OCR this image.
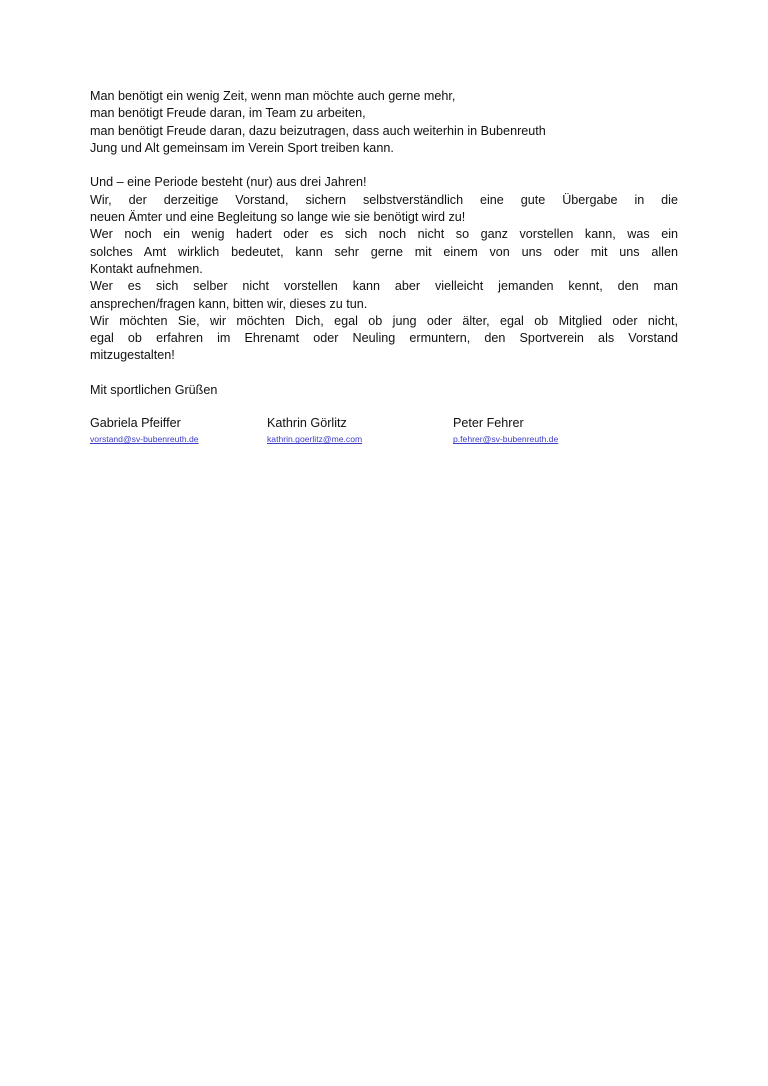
Man benötigt ein wenig Zeit, wenn man möchte auch gerne mehr,
man benötigt Freude daran, im Team zu arbeiten,
man benötigt Freude daran, dazu beizutragen, dass auch weiterhin in Bubenreuth
Jung und Alt gemeinsam im Verein Sport treiben kann.

Und – eine Periode besteht (nur) aus drei Jahren!
Wir, der derzeitige Vorstand, sichern selbstverständlich eine gute Übergabe in die
neuen Ämter und eine Begleitung so lange wie sie benötigt wird zu!
Wer noch ein wenig hadert oder es sich noch nicht so ganz vorstellen kann, was ein
solches Amt wirklich bedeutet, kann sehr gerne mit einem von uns oder mit uns allen
Kontakt aufnehmen.
Wer es sich selber nicht vorstellen kann aber vielleicht jemanden kennt, den man
ansprechen/fragen kann, bitten wir, dieses zu tun.
Wir möchten Sie, wir möchten Dich, egal ob jung oder älter, egal ob Mitglied oder nicht,
egal ob erfahren im Ehrenamt oder Neuling ermuntern, den Sportverein als Vorstand
mitzugestalten!

Mit sportlichen Grüßen

Gabriela Pfeiffer
vorstand@sv-bubenreuth.de
Kathrin Görlitz
kathrin.goerlitz@me.com
Peter Fehrer
p.fehrer@sv-bubenreuth.de
